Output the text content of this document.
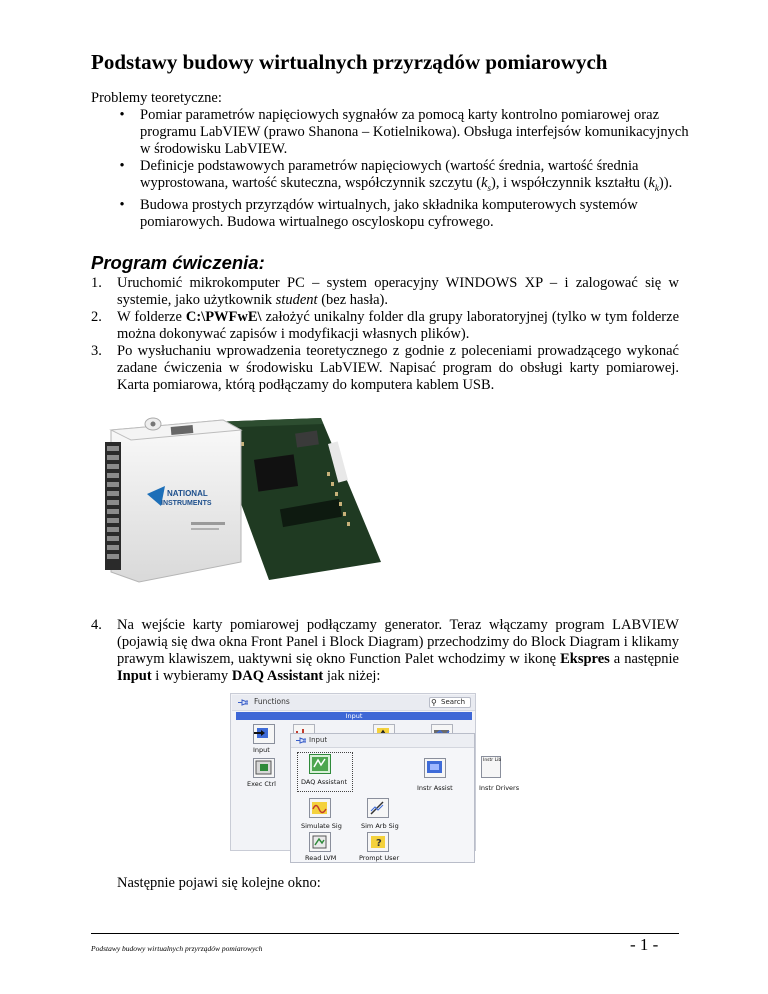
Podstawy budowy wirtualnych przyrządów pomiarowych
Problemy teoretyczne:
•	Pomiar parametrów napięciowych sygnałów za pomocą karty kontrolno pomiarowej oraz programu LabVIEW (prawo Shanona – Kotielnikowa). Obsługa interfejsów komunikacyjnych w środowisku LabVIEW.
•	Definicje podstawowych parametrów napięciowych (wartość średnia, wartość średnia wyprostowana, wartość skuteczna, współczynnik szczytu $(k_s)$, i współczynnik kształtu $(k_k)$).
•	Budowa prostych przyrządów wirtualnych, jako składnika komputerowych systemów pomiarowych. Budowa wirtualnego oscyloskopu cyfrowego.
Program ćwiczenia:
1. Uruchomić mikrokomputer PC – system operacyjny WINDOWS XP – i zalogować się w systemie, jako użytkownik student (bez hasła).
2. W folderze C:\PWFwE\ założyć unikalny folder dla grupy laboratoryjnej (tylko w tym folderze można dokonywać zapisów i modyfikacji własnych plików).
3. Po wysłuchaniu wprowadzenia teoretycznego z godnie z poleceniami prowadzącego wykonać zadane ćwiczenia w środowisku LabVIEW. Napisać program do obsługi karty pomiarowej. Karta pomiarowa, którą podłączamy do komputera kablem USB.
NATIONAL
INSTRUMENTS
4. Na wejście karty pomiarowej podłączamy generator. Teraz włączamy program LABVIEW (pojawią się dwa okna Front Panel i Block Diagram) przechodzimy do Block Diagram i klikamy prawym klawiszem, uaktywni się okno Function Palet wchodzimy w ikonę Ekspres a następnie Input i wybieramy DAQ Assistant jak niżej:
Functions	⚲ Search
Input
Input
Exec Ctrl
Input
DAQ Assistant
Instr Assist
Instr Lib
Instr Drivers
Simulate Sig	Sim Arb Sig
Read LVM
?
Prompt User
Następnie pojawi się kolejne okno:
Podstawy budowy wirtualnych przyrządów pomiarowych	- 1 -
